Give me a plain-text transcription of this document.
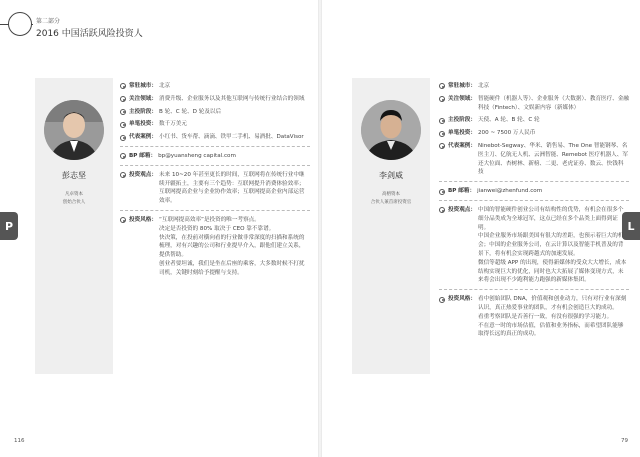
第二部分
2016 中国活跃风险投资人
P
彭志坚
凡卓资本
创始合伙人
常驻城市： 北京

关注领域： 消费升级、企业服务以及其他互联网与传统行业结合的领域

主投阶段： B 轮、C 轮、D 轮及以后

单笔投资： 数千万美元

代表案例： 小红书、货车帮、滴滴、铁甲二手机、易酒批、DataVisor

BP 邮箱： bp@yuansheng capital.com

投资观点： 未来 10~20 年甚至更长的时间，互联网将在传统行业中继续开疆拓土，主要有三个趋势：互联网提升消费体验效率；互联网提高企业与企业协作效率；互联网提高企业内部运营效率。

投资风格： “互联网提高效率”是投资的唯一考察点。

决定是否投资的 80% 取决于 CEO 靠不靠谱。

快决策，在投前对横向看的行业做非常深度的扫描和系统的梳理，对有兴趣的公司和行业提早介入，跟他们建立关系，提供帮助。

创业者要坦诚，我们是坐在后座的乘客，大多数时候不打扰司机，关键时刻给予提醒与支持。

116
L
李剑威
高榕资本
合伙人兼首席投资官
常驻城市： 北京

关注领域： 智能硬件（机器人等）、企业服务（大数据）、教育医疗、金融科技（Fintech）、文娱新内容（新媒体）

主投阶段： 天使、A 轮、B 轮、C 轮

单笔投资： 200 ~ 7500 万人民币

代表案例： Ninebot-Segway、华米、销售易、The One 智能钢琴、名医主刀、亿航无人机、云洲智能、Remebot 医疗机器人、军还大位面、杏树林、新榜、二更、老虎证券、数云、快钱科技

BP 邮箱： jianwei@zhenfund.com

投资观点： 中国的智能硬件创业公司有结构性的优势，有机会在很多个细分品类成为全球冠军，这点已经在多个品类上面得到证明。

中国企业服务市场跟美国有很大的差距，也预示着巨大的机会；中国的企业服务公司，在云计算以及智能手机普及的背景下，将有机会实现跨越式的加速发展。

微信等超级 APP 的出现，使得新媒体的受众大大增长，成本结构实现巨大的优化，同时也大大拓展了媒体变现方式，未来将会出现不少跑利能力跑强的新媒体集团。

投资风格： 看中创始团队 DNA，价值观和创业动力，只有对行业有深刻认识，真正热爱事业的团队，才有机会创造巨大的成功。

看重考察团队是否善行一致，有没有很强的学习能力。

不在意一时的市场估值，估值和业务指标，而希望团队能够取得长远的真正的成功。

79
